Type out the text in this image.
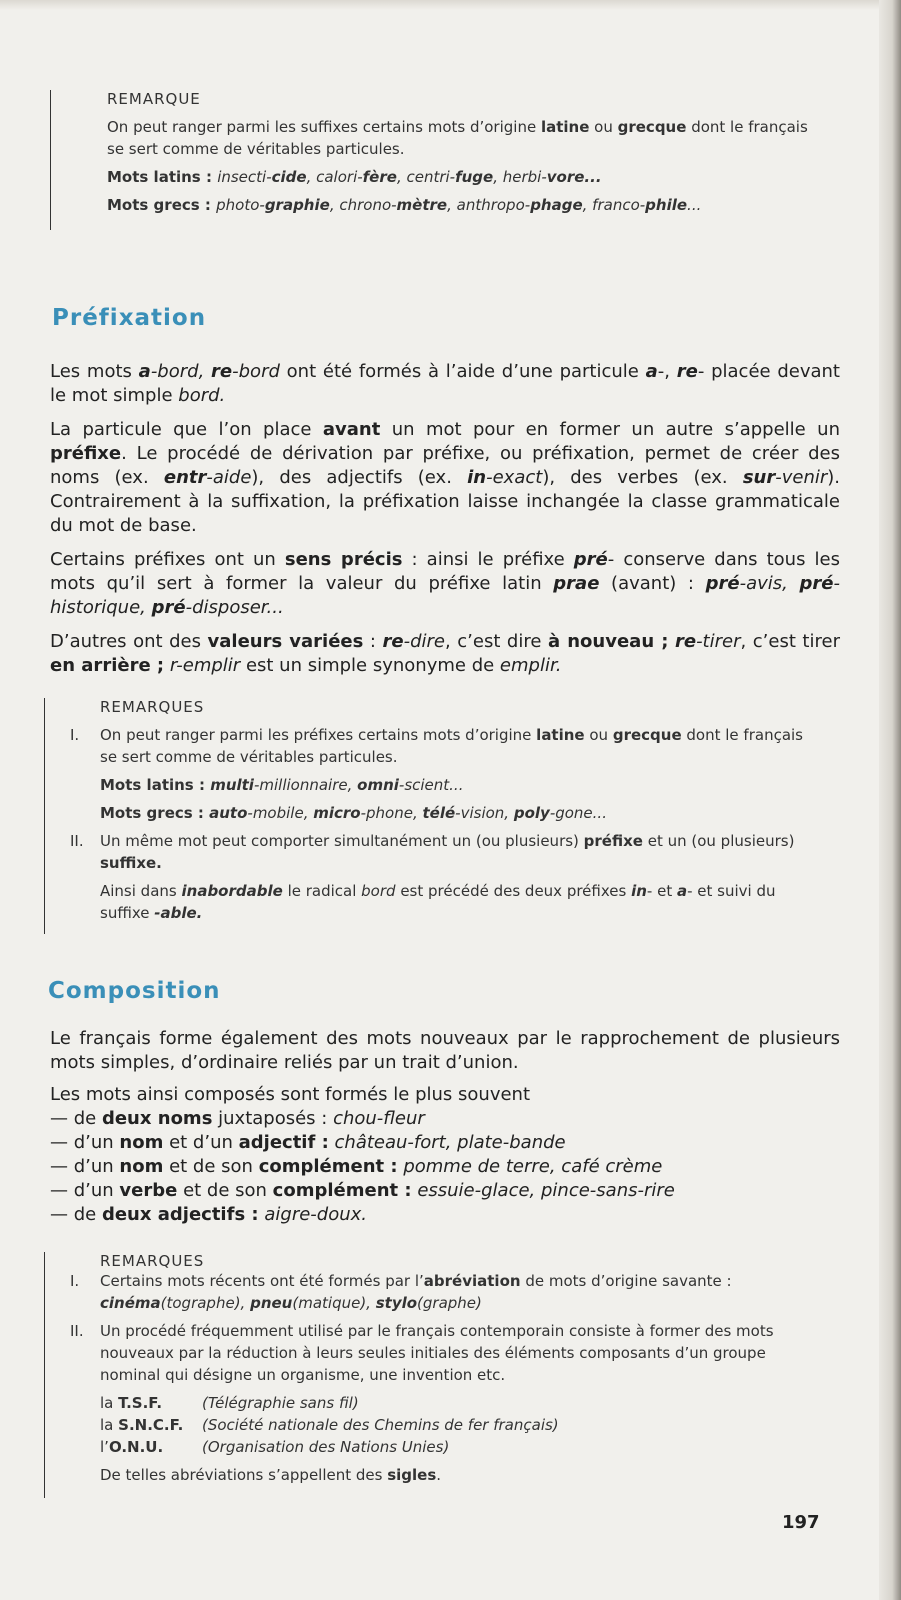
REMARQUE

On peut ranger parmi les suffixes certains mots d’origine latine ou grecque dont le français se sert comme de véritables particules.

Mots latins : insecti-cide, calori-fère, centri-fuge, herbi-vore...

Mots grecs : photo-graphie, chrono-mètre, anthropo-phage, franco-phile...

Préfixation

Les mots a-bord, re-bord ont été formés à l’aide d’une particule a-, re- placée devant le mot simple bord.

La particule que l’on place avant un mot pour en former un autre s’appelle un préfixe. Le procédé de dérivation par préfixe, ou préfixation, permet de créer des noms (ex. entr-aide), des adjectifs (ex. in-exact), des verbes (ex. sur-venir). Contrairement à la suffixation, la préfixation laisse inchangée la classe grammaticale du mot de base.

Certains préfixes ont un sens précis : ainsi le préfixe pré- conserve dans tous les mots qu’il sert à former la valeur du préfixe latin prae (avant) : pré-avis, pré-historique, pré-disposer...

D’autres ont des valeurs variées : re-dire, c’est dire à nouveau ; re-tirer, c’est tirer en arrière ; r-emplir est un simple synonyme de emplir.

REMARQUES
I.	On peut ranger parmi les préfixes certains mots d’origine latine ou grecque dont le français se sert comme de véritables particules.

Mots latins : multi-millionnaire, omni-scient...

Mots grecs : auto-mobile, micro-phone, télé-vision, poly-gone...

II.	Un même mot peut comporter simultanément un (ou plusieurs) préfixe et un (ou plusieurs) suffixe.

Ainsi dans inabordable le radical bord est précédé des deux préfixes in- et a- et suivi du suffixe -able.

Composition

Le français forme également des mots nouveaux par le rapprochement de plusieurs mots simples, d’ordinaire reliés par un trait d’union.

Les mots ainsi composés sont formés le plus souvent

— de deux noms juxtaposés : chou-fleur
— d’un nom et d’un adjectif : château-fort, plate-bande
— d’un nom et de son complément : pomme de terre, café crème
— d’un verbe et de son complément : essuie-glace, pince-sans-rire
— de deux adjectifs : aigre-doux.
REMARQUES
I.	Certains mots récents ont été formés par l’abréviation de mots d’origine savante :
cinéma(tographe), pneu(matique), stylo(graphe)

II.	Un procédé fréquemment utilisé par le français contemporain consiste à former des mots nouveaux par la réduction à leurs seules initiales des éléments composants d’un groupe nominal qui désigne un organisme, une invention etc.

la T.S.F.	(Télégraphie sans fil)
la S.N.C.F.	(Société nationale des Chemins de fer français)
l’O.N.U.	(Organisation des Nations Unies)

De telles abréviations s’appellent des sigles.

197
